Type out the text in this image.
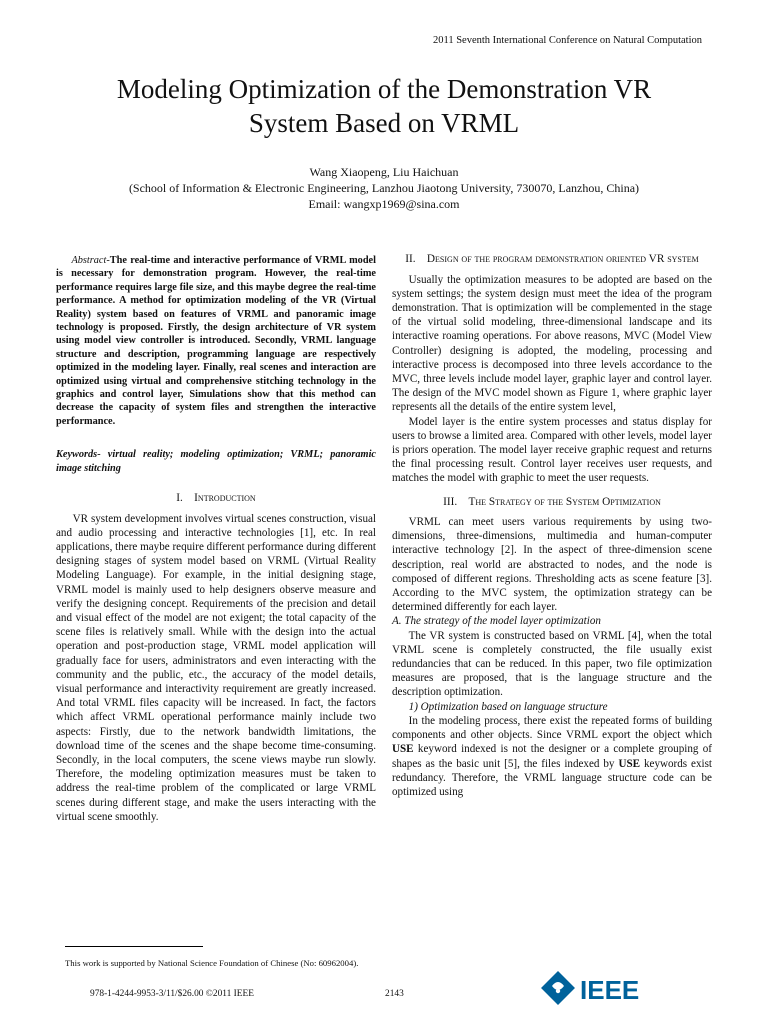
2011 Seventh International Conference on Natural Computation
Modeling Optimization of the Demonstration VR
System Based on VRML
Wang Xiaopeng, Liu Haichuan
(School of Information & Electronic Engineering, Lanzhou Jiaotong University, 730070, Lanzhou, China)
Email: wangxp1969@sina.com

Abstract-The real-time and interactive performance of VRML model is necessary for demonstration program. However, the real-time performance requires large file size, and this maybe degree the real-time performance. A method for optimization modeling of the VR (Virtual Reality) system based on features of VRML and panoramic image technology is proposed. Firstly, the design architecture of VR system using model view controller is introduced. Secondly, VRML language structure and description, programming language are respectively optimized in the modeling layer. Finally, real scenes and interaction are optimized using virtual and comprehensive stitching technology in the graphics and control layer, Simulations show that this method can decrease the capacity of system files and strengthen the interactive performance.

Keywords- virtual reality; modeling optimization; VRML; panoramic image stitching

I. Introduction

VR system development involves virtual scenes construction, visual and audio processing and interactive technologies [1], etc. In real applications, there maybe require different performance during different designing stages of system model based on VRML (Virtual Reality Modeling Language). For example, in the initial designing stage, VRML model is mainly used to help designers observe measure and verify the designing concept. Requirements of the precision and detail and visual effect of the model are not exigent; the total capacity of the scene files is relatively small. While with the design into the actual operation and post-production stage, VRML model application will gradually face for users, administrators and even interacting with the community and the public, etc., the accuracy of the model details, visual performance and interactivity requirement are greatly increased. And total VRML files capacity will be increased. In fact, the factors which affect VRML operational performance mainly include two aspects: Firstly, due to the network bandwidth limitations, the download time of the scenes and the shape become time-consuming. Secondly, in the local computers, the scene views maybe run slowly. Therefore, the modeling optimization measures must be taken to address the real-time problem of the complicated or large VRML scenes during different stage, and make the users interacting with the virtual scene smoothly.

II. Design of the program demonstration oriented VR system

Usually the optimization measures to be adopted are based on the system settings; the system design must meet the idea of the program demonstration. That is optimization will be complemented in the stage of the virtual solid modeling, three-dimensional landscape and its interactive roaming operations. For above reasons, MVC (Model View Controller) designing is adopted, the modeling, processing and interactive process is decomposed into three levels accordance to the MVC, three levels include model layer, graphic layer and control layer. The design of the MVC model shown as Figure 1, where graphic layer represents all the details of the entire system level,

Model layer is the entire system processes and status display for users to browse a limited area. Compared with other levels, model layer is priors operation. The model layer receive graphic request and returns the final processing result. Control layer receives user requests, and matches the model with graphic to meet the user requests.

III. The Strategy of the System Optimization

VRML can meet users various requirements by using two-dimensions, three-dimensions, multimedia and human-computer interactive technology [2]. In the aspect of three-dimension scene description, real world are abstracted to nodes, and the node is composed of different regions. Thresholding acts as scene feature [3]. According to the MVC system, the optimization strategy can be determined differently for each layer.

A. The strategy of the model layer optimization

The VR system is constructed based on VRML [4], when the total VRML scene is completely constructed, the file usually exist redundancies that can be reduced. In this paper, two file optimization measures are proposed, that is the language structure and the description optimization.

1) Optimization based on language structure

In the modeling process, there exist the repeated forms of building components and other objects. Since VRML export the object which USE keyword indexed is not the designer or a complete grouping of shapes as the basic unit [5], the files indexed by USE keywords exist redundancy. Therefore, the VRML language structure code can be optimized using

This work is supported by National Science Foundation of Chinese (No: 60962004).
978-1-4244-9953-3/11/$26.00 ©2011 IEEE	2143	IEEE
